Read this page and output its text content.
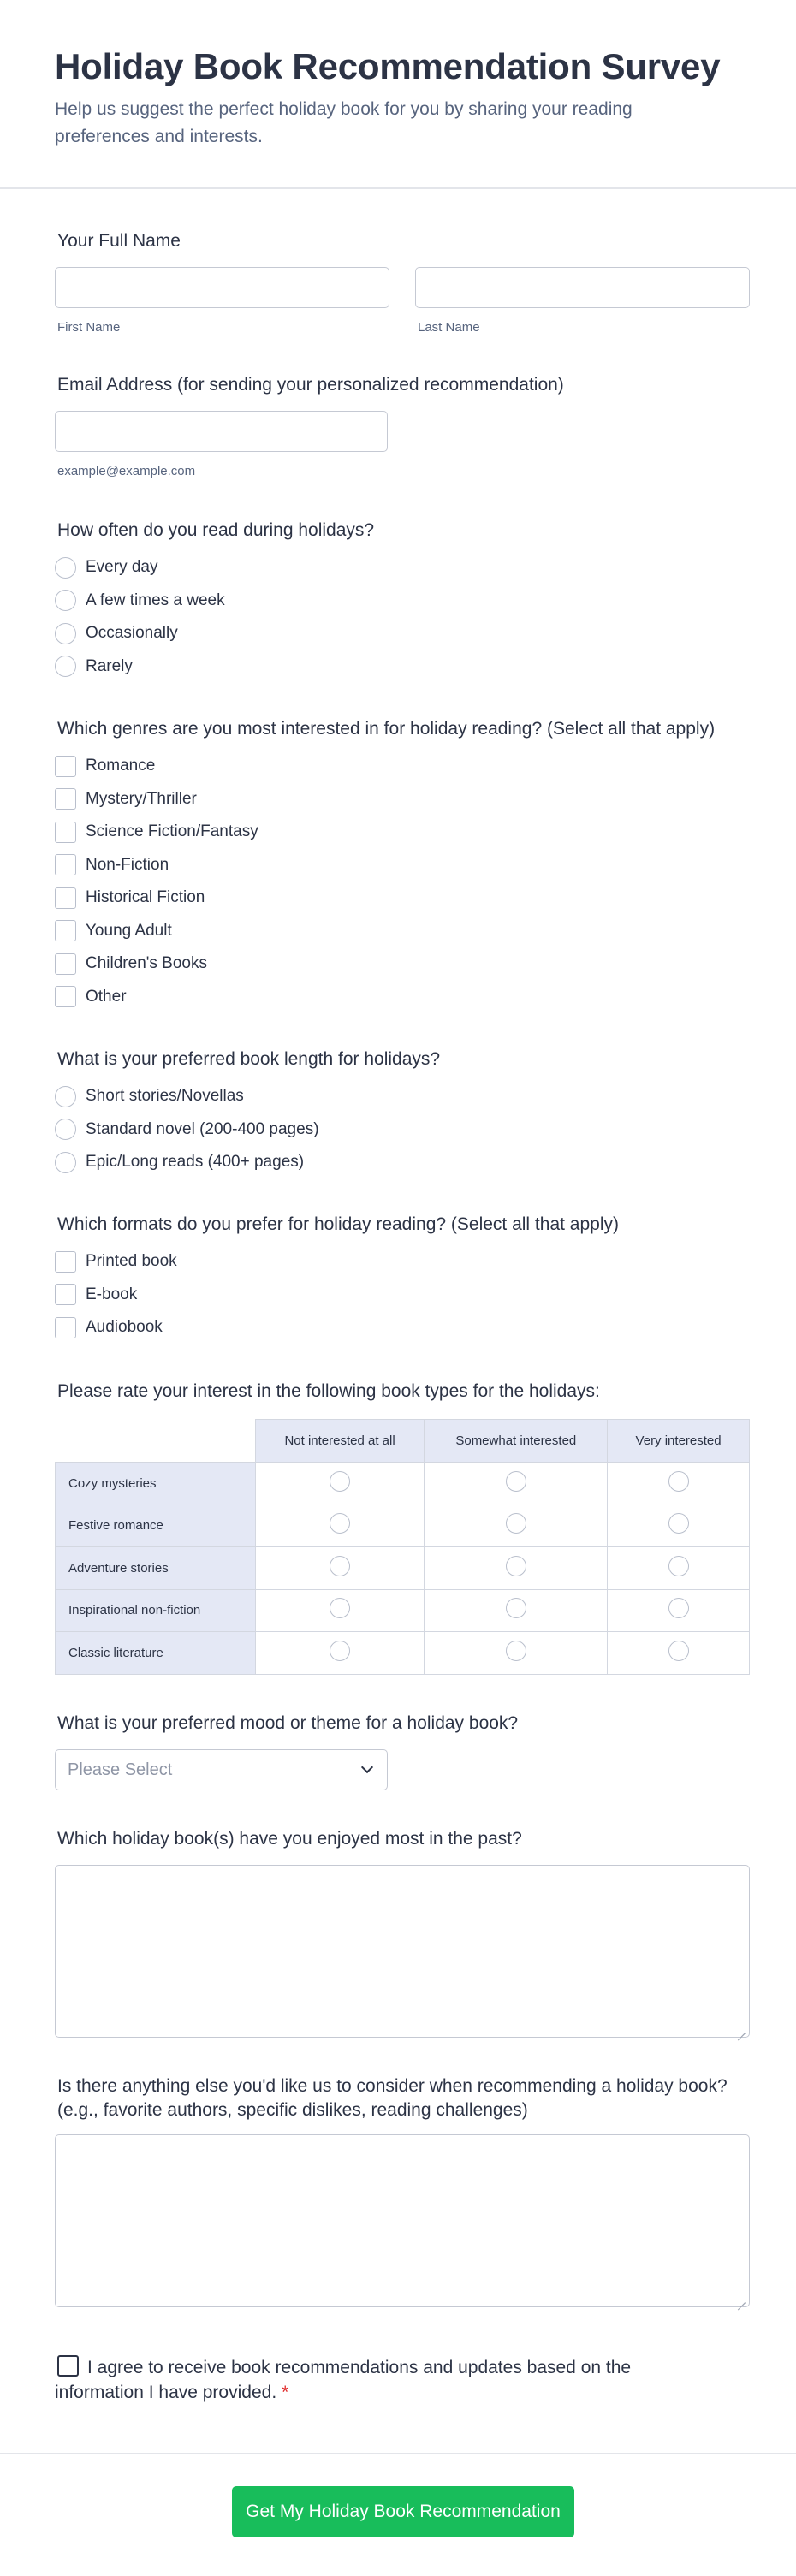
Holiday Book Recommendation Survey

Help us suggest the perfect holiday book for you by sharing your reading preferences and interests.

Your Full Name
First Name	Last Name
Email Address (for sending your personalized recommendation)
example@example.com
How often do you read during holidays?
Every day
A few times a week
Occasionally
Rarely
Which genres are you most interested in for holiday reading? (Select all that apply)
Romance
Mystery/Thriller
Science Fiction/Fantasy
Non-Fiction
Historical Fiction
Young Adult
Children's Books
Other
What is your preferred book length for holidays?
Short stories/Novellas
Standard novel (200-400 pages)
Epic/Long reads (400+ pages)
Which formats do you prefer for holiday reading? (Select all that apply)
Printed book
E-book
Audiobook
Please rate your interest in the following book types for the holidays:
	Not interested at all	Somewhat interested	Very interested
Cozy mysteries			
Festive romance			
Adventure stories			
Inspirational non-fiction			
Classic literature			
What is your preferred mood or theme for a holiday book?
Please Select
Which holiday book(s) have you enjoyed most in the past?
Is there anything else you'd like us to consider when recommending a holiday book? (e.g., favorite authors, specific dislikes, reading challenges)
I agree to receive book recommendations and updates based on the information I have provided. *
Get My Holiday Book Recommendation
